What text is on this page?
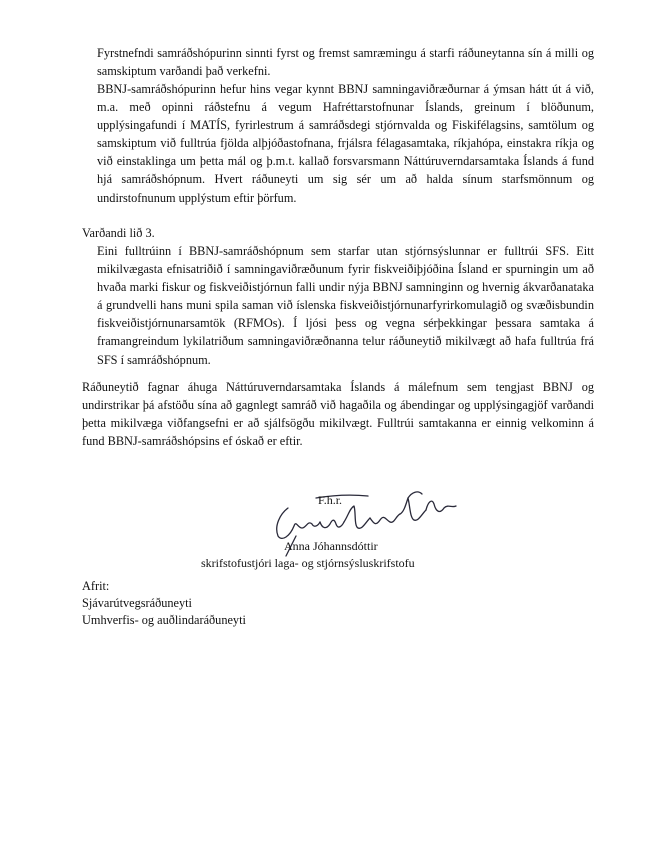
Fyrstnefndi samráðshópurinn sinnti fyrst og fremst samræmingu á starfi ráðuneytanna sín á milli og samskiptum varðandi það verkefni.

BBNJ-samráðshópurinn hefur hins vegar kynnt BBNJ samningaviðræðurnar á ýmsan hátt út á við, m.a. með opinni ráðstefnu á vegum Hafréttarstofnunar Íslands, greinum í blöðunum, upplýsingafundi í MATÍS, fyrirlestrum á samráðsdegi stjórnvalda og Fiskifélagsins, samtölum og samskiptum við fulltrúa fjölda alþjóðastofnana, frjálsra félagasamtaka, ríkjahópa, einstakra ríkja og við einstaklinga um þetta mál og þ.m.t. kallað forsvarsmann Náttúruverndarsamtaka Íslands á fund hjá samráðshópnum. Hvert ráðuneyti um sig sér um að halda sínum starfsmönnum og undirstofnunum upplýstum eftir þörfum.

Varðandi lið 3.

Eini fulltrúinn í BBNJ-samráðshópnum sem starfar utan stjórnsýslunnar er fulltrúi SFS. Eitt mikilvægasta efnisatriðið í samningaviðræðunum fyrir fiskveiðiþjóðina Ísland er spurningin um að hvaða marki fiskur og fiskveiðistjórnun falli undir nýja BBNJ samninginn og hvernig ákvarðanataka á grundvelli hans muni spila saman við íslenska fiskveiðistjórnunarfyrirkomulagið og svæðisbundin fiskveiðistjórnunarsamtök (RFMOs). Í ljósi þess og vegna sérþekkingar þessara samtaka á framangreindum lykilatriðum samningaviðræðnanna telur ráðuneytið mikilvægt að hafa fulltrúa frá SFS í samráðshópnum.

Ráðuneytið fagnar áhuga Náttúruverndarsamtaka Íslands á málefnum sem tengjast BBNJ og undirstrikar þá afstöðu sína að gagnlegt samráð við hagaðila og ábendingar og upplýsingagjöf varðandi þetta mikilvæga viðfangsefni er að sjálfsögðu mikilvægt. Fulltrúi samtakanna er einnig velkominn á fund BBNJ-samráðshópsins ef óskað er eftir.

F.h.r.
Anna Jóhannsdóttir
skrifstofustjóri laga- og stjórnsýsluskrifstofu
Afrit:
Sjávarútvegsráðuneyti
Umhverfis- og auðlindaráðuneyti
